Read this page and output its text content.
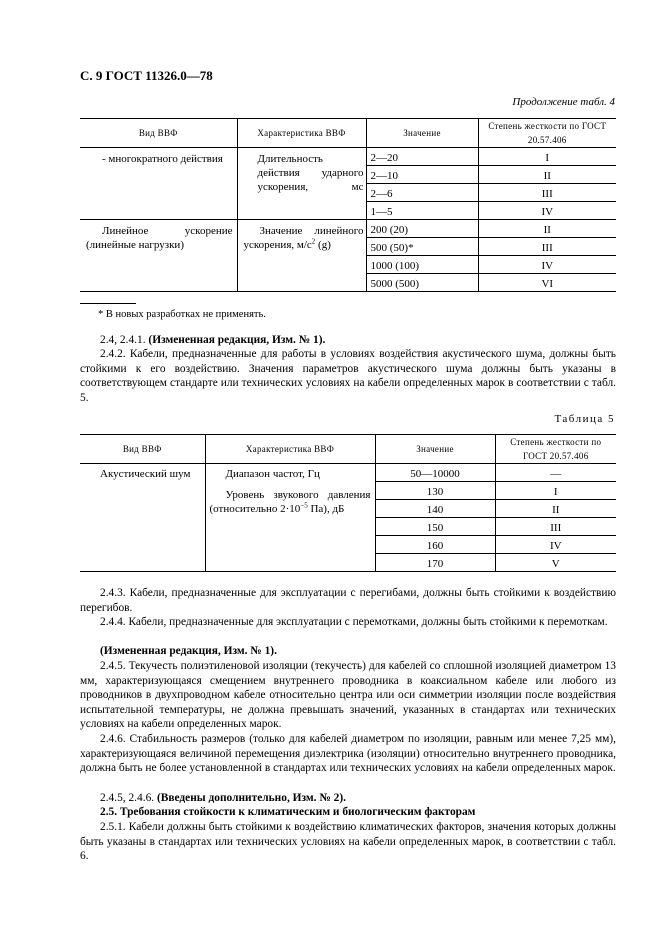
С. 9 ГОСТ 11326.0—78
Продолжение табл. 4
Вид ВВФ	Характеристика ВВФ	Значение	Степень жесткости по ГОСТ 20.57.406
- многократного действия	Длительность действия ударного ускорения, мс	2—20	I
		2—10	II
		2—6	III
		1—5	IV

Линейное ускорение (линейные нагрузки)	Значение линейного ускорения, $м/с^2$ (g)	200 (20)	II
		500 (50)*	III
		1000 (100)	IV
		5000 (500)	VI
* В новых разработках не применять.
2.4, 2.4.1. (Измененная редакция, Изм. № 1).
2.4.2. Кабели, предназначенные для работы в условиях воздействия акустического шума, должны быть стойкими к его воздействию. Значения параметров акустического шума должны быть указаны в соответствующем стандарте или технических условиях на кабели определенных марок в соответствии с табл. 5.
Таблица 5
Вид ВВФ	Характеристика ВВФ	Значение	Степень жесткости по ГОСТ 20.57.406
Акустический шум	Диапазон частот, Гц	50—10000	—

	Уровень звукового давления (относительно $2\cdot 10^{-5}$ Па), дБ	130	I
		140	II
		150	III
		160	IV
		170	V
2.4.3. Кабели, предназначенные для эксплуатации с перегибами, должны быть стойкими к воздействию перегибов.
2.4.4. Кабели, предназначенные для эксплуатации с перемотками, должны быть стойкими к перемоткам.
(Измененная редакция, Изм. № 1).
2.4.5. Текучесть полиэтиленовой изоляции (текучесть) для кабелей со сплошной изоляцией диаметром 13 мм, характеризующаяся смещением внутреннего проводника в коаксиальном кабеле или любого из проводников в двухпроводном кабеле относительно центра или оси симметрии изоляции после воздействия испытательной температуры, не должна превышать значений, указанных в стандартах или технических условиях на кабели определенных марок.
2.4.6. Стабильность размеров (только для кабелей диаметром по изоляции, равным или менее 7,25 мм), характеризующаяся величиной перемещения диэлектрика (изоляции) относительно внутреннего проводника, должна быть не более установленной в стандартах или технических условиях на кабели определенных марок.
2.4.5, 2.4.6. (Введены дополнительно, Изм. № 2).
2.5. Требования стойкости к климатическим и биологическим факторам
2.5.1. Кабели должны быть стойкими к воздействию климатических факторов, значения которых должны быть указаны в стандартах или технических условиях на кабели определенных марок, в соответствии с табл. 6.
